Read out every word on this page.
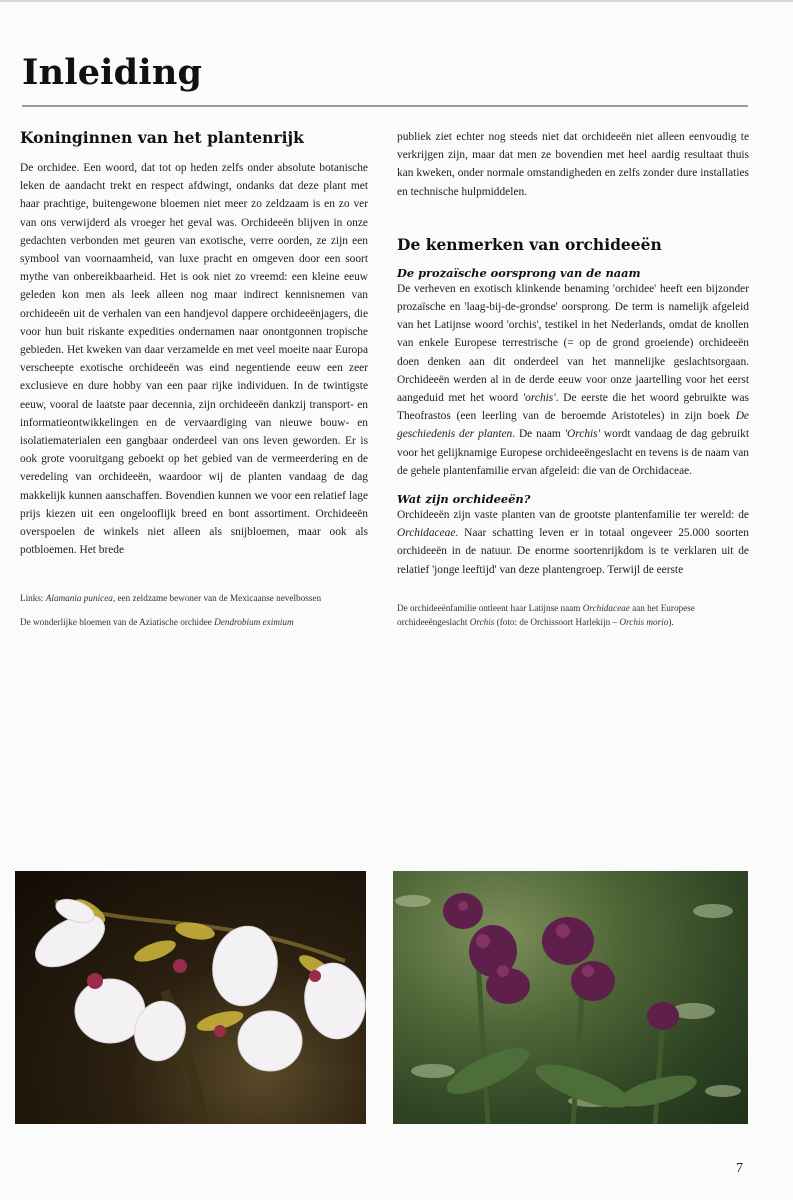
Inleiding
Koninginnen van het plantenrijk

De orchidee. Een woord, dat tot op heden zelfs onder absolute botanische leken de aandacht trekt en respect afdwingt, ondanks dat deze plant met haar prachtige, buitengewone bloemen niet meer zo zeldzaam is en zo ver van ons verwijderd als vroeger het geval was. Orchideeën blijven in onze gedachten verbonden met geuren van exotische, verre oorden, ze zijn een symbool van voornaamheid, van luxe pracht en omgeven door een soort mythe van onbereikbaarheid. Het is ook niet zo vreemd: een kleine eeuw geleden kon men als leek alleen nog maar indirect kennisnemen van orchideeën uit de verhalen van een handjevol dappere orchideeënjagers, die voor hun buit riskante expedities ondernamen naar onontgonnen tropische gebieden. Het kweken van daar verzamelde en met veel moeite naar Europa verscheepte exotische orchideeën was eind negentiende eeuw een zeer exclusieve en dure hobby van een paar rijke individuen. In de twintigste eeuw, vooral de laatste paar decennia, zijn orchideeën dankzij transport- en informatieontwikkelingen en de vervaardiging van nieuwe bouw- en isolatiematerialen een gangbaar onderdeel van ons leven geworden. Er is ook grote vooruitgang geboekt op het gebied van de vermeerdering en de veredeling van orchideeën, waardoor wij de planten vandaag de dag makkelijk kunnen aanschaffen. Bovendien kunnen we voor een relatief lage prijs kiezen uit een ongelooflijk breed en bont assortiment. Orchideeën overspoelen de winkels niet alleen als snijbloemen, maar ook als potbloemen. Het brede

Links: Alamania punicea, een zeldzame bewoner van de Mexicaanse nevelbossen

De wonderlijke bloemen van de Aziatische orchidee Dendrobium eximium

publiek ziet echter nog steeds niet dat orchideeën niet alleen eenvoudig te verkrijgen zijn, maar dat men ze bovendien met heel aardig resultaat thuis kan kweken, onder normale omstandigheden en zelfs zonder dure installaties en technische hulpmiddelen.

De kenmerken van orchideeën

De prozaïsche oorsprong van de naam

De verheven en exotisch klinkende benaming 'orchidee' heeft een bijzonder prozaïsche en 'laag-bij-de-grondse' oorsprong. De term is namelijk afgeleid van het Latijnse woord 'orchis', testikel in het Nederlands, omdat de knollen van enkele Europese terrestrische (= op de grond groeiende) orchideeën doen denken aan dit onderdeel van het mannelijke geslachtsorgaan. Orchideeën werden al in de derde eeuw voor onze jaartelling voor het eerst aangeduid met het woord 'orchis'. De eerste die het woord gebruikte was Theofrastos (een leerling van de beroemde Aristoteles) in zijn boek De geschiedenis der planten. De naam 'Orchis' wordt vandaag de dag gebruikt voor het gelijknamige Europese orchideeëngeslacht en tevens is de naam van de gehele plantenfamilie ervan afgeleid: die van de Orchidaceae.

Wat zijn orchideeën?

Orchideeën zijn vaste planten van de grootste plantenfamilie ter wereld: de Orchidaceae. Naar schatting leven er in totaal ongeveer 25.000 soorten orchideeën in de natuur. De enorme soortenrijkdom is te verklaren uit de relatief 'jonge leeftijd' van deze plantengroep. Terwijl de eerste

De orchideeënfamilie ontleent haar Latijnse naam Orchidaceae aan het Europese orchideeëngeslacht Orchis (foto: de Orchissoort Harlekijn – Orchis morio).

7
